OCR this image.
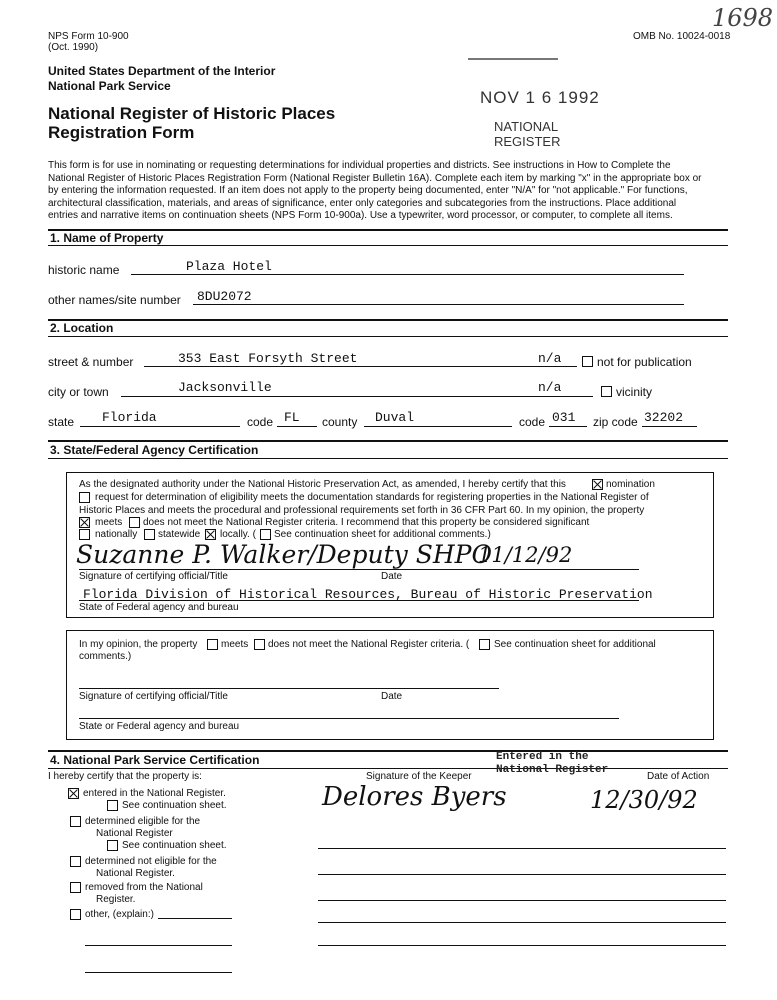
NPS Form 10-900
(Oct. 1990)
OMB No. 10024-0018
1698
United States Department of the Interior
National Park Service
National Register of Historic Places
Registration Form
NOV 1 6 1992
NATIONAL
REGISTER
This form is for use in nominating or requesting determinations for individual properties and districts. See instructions in How to Complete the
National Register of Historic Places Registration Form (National Register Bulletin 16A). Complete each item by marking "x" in the appropriate box or
by entering the information requested. If an item does not apply to the property being documented, enter "N/A" for "not applicable." For functions,
architectural classification, materials, and areas of significance, enter only categories and subcategories from the instructions. Place additional
entries and narrative items on continuation sheets (NPS Form 10-900a). Use a typewriter, word processor, or computer, to complete all items.
1. Name of Property
historic name	Plaza Hotel
other names/site number 8DU2072
2. Location
street & number	353 East Forsyth Street	n/a	not for publication
city or town	Jacksonville	n/a	vicinity
state Florida	code FL county Duval	code 031 zip code 32202
3. State/Federal Agency Certification
As the designated authority under the National Historic Preservation Act, as amended, I hereby certify that this	nomination
request for determination of eligibility meets the documentation standards for registering properties in the National Register of
Historic Places and meets the procedural and professional requirements set forth in 36 CFR Part 60. In my opinion, the property
meets does not meet the National Register criteria. I recommend that this property be considered significant
nationally statewide locally. ( See continuation sheet for additional comments.)
Suzanne P. Walker/Deputy SHPO
11/12/92
Signature of certifying official/Title	Date
Florida Division of Historical Resources, Bureau of Historic Preservation
State of Federal agency and bureau
In my opinion, the property meets does not meet the National Register criteria. ( See continuation sheet for additional
comments.)
Signature of certifying official/Title	Date
State or Federal agency and bureau
4. National Park Service Certification
I hereby certify that the property is:	Signature of the Keeper	Date of Action
Entered in the
National Register
Delores Byers	12/30/92
entered in the National Register.
See continuation sheet.
determined eligible for the
National Register
See continuation sheet.
determined not eligible for the
National Register.
removed from the National
Register.
other, (explain:)
